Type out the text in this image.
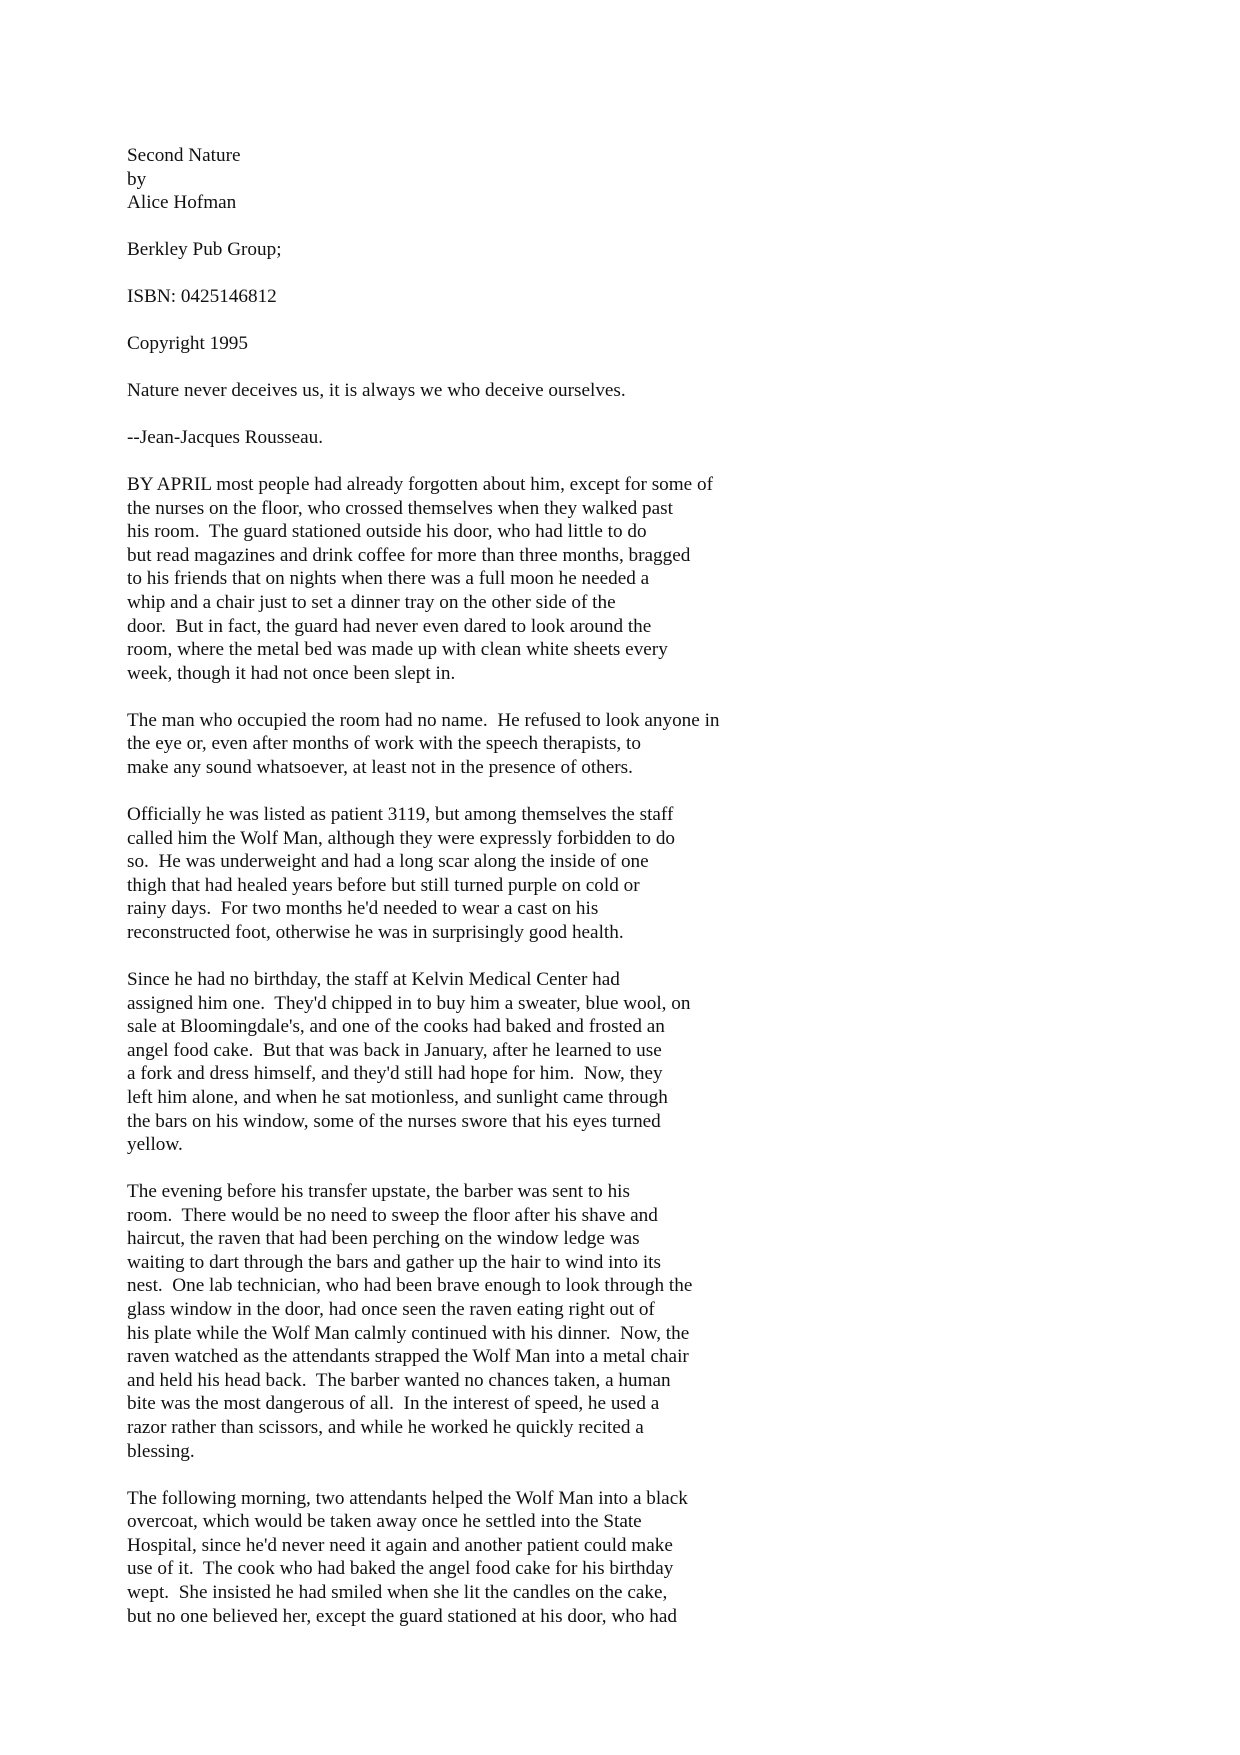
Second Nature
by
Alice Hofman
Berkley Pub Group;
ISBN: 0425146812
Copyright 1995
Nature never deceives us, it is always we who deceive ourselves.
--Jean-Jacques Rousseau.
BY APRIL most people had already forgotten about him, except for some of
the nurses on the floor, who crossed themselves when they walked past
his room.  The guard stationed outside his door, who had little to do
but read magazines and drink coffee for more than three months, bragged
to his friends that on nights when there was a full moon he needed a
whip and a chair just to set a dinner tray on the other side of the
door.  But in fact, the guard had never even dared to look around the
room, where the metal bed was made up with clean white sheets every
week, though it had not once been slept in.
The man who occupied the room had no name.  He refused to look anyone in
the eye or, even after months of work with the speech therapists, to
make any sound whatsoever, at least not in the presence of others.
Officially he was listed as patient 3119, but among themselves the staff
called him the Wolf Man, although they were expressly forbidden to do
so.  He was underweight and had a long scar along the inside of one
thigh that had healed years before but still turned purple on cold or
rainy days.  For two months he'd needed to wear a cast on his
reconstructed foot, otherwise he was in surprisingly good health.
Since he had no birthday, the staff at Kelvin Medical Center had
assigned him one.  They'd chipped in to buy him a sweater, blue wool, on
sale at Bloomingdale's, and one of the cooks had baked and frosted an
angel food cake.  But that was back in January, after he learned to use
a fork and dress himself, and they'd still had hope for him.  Now, they
left him alone, and when he sat motionless, and sunlight came through
the bars on his window, some of the nurses swore that his eyes turned
yellow.
The evening before his transfer upstate, the barber was sent to his
room.  There would be no need to sweep the floor after his shave and
haircut, the raven that had been perching on the window ledge was
waiting to dart through the bars and gather up the hair to wind into its
nest.  One lab technician, who had been brave enough to look through the
glass window in the door, had once seen the raven eating right out of
his plate while the Wolf Man calmly continued with his dinner.  Now, the
raven watched as the attendants strapped the Wolf Man into a metal chair
and held his head back.  The barber wanted no chances taken, a human
bite was the most dangerous of all.  In the interest of speed, he used a
razor rather than scissors, and while he worked he quickly recited a
blessing.
The following morning, two attendants helped the Wolf Man into a black
overcoat, which would be taken away once he settled into the State
Hospital, since he'd never need it again and another patient could make
use of it.  The cook who had baked the angel food cake for his birthday
wept.  She insisted he had smiled when she lit the candles on the cake,
but no one believed her, except the guard stationed at his door, who had
